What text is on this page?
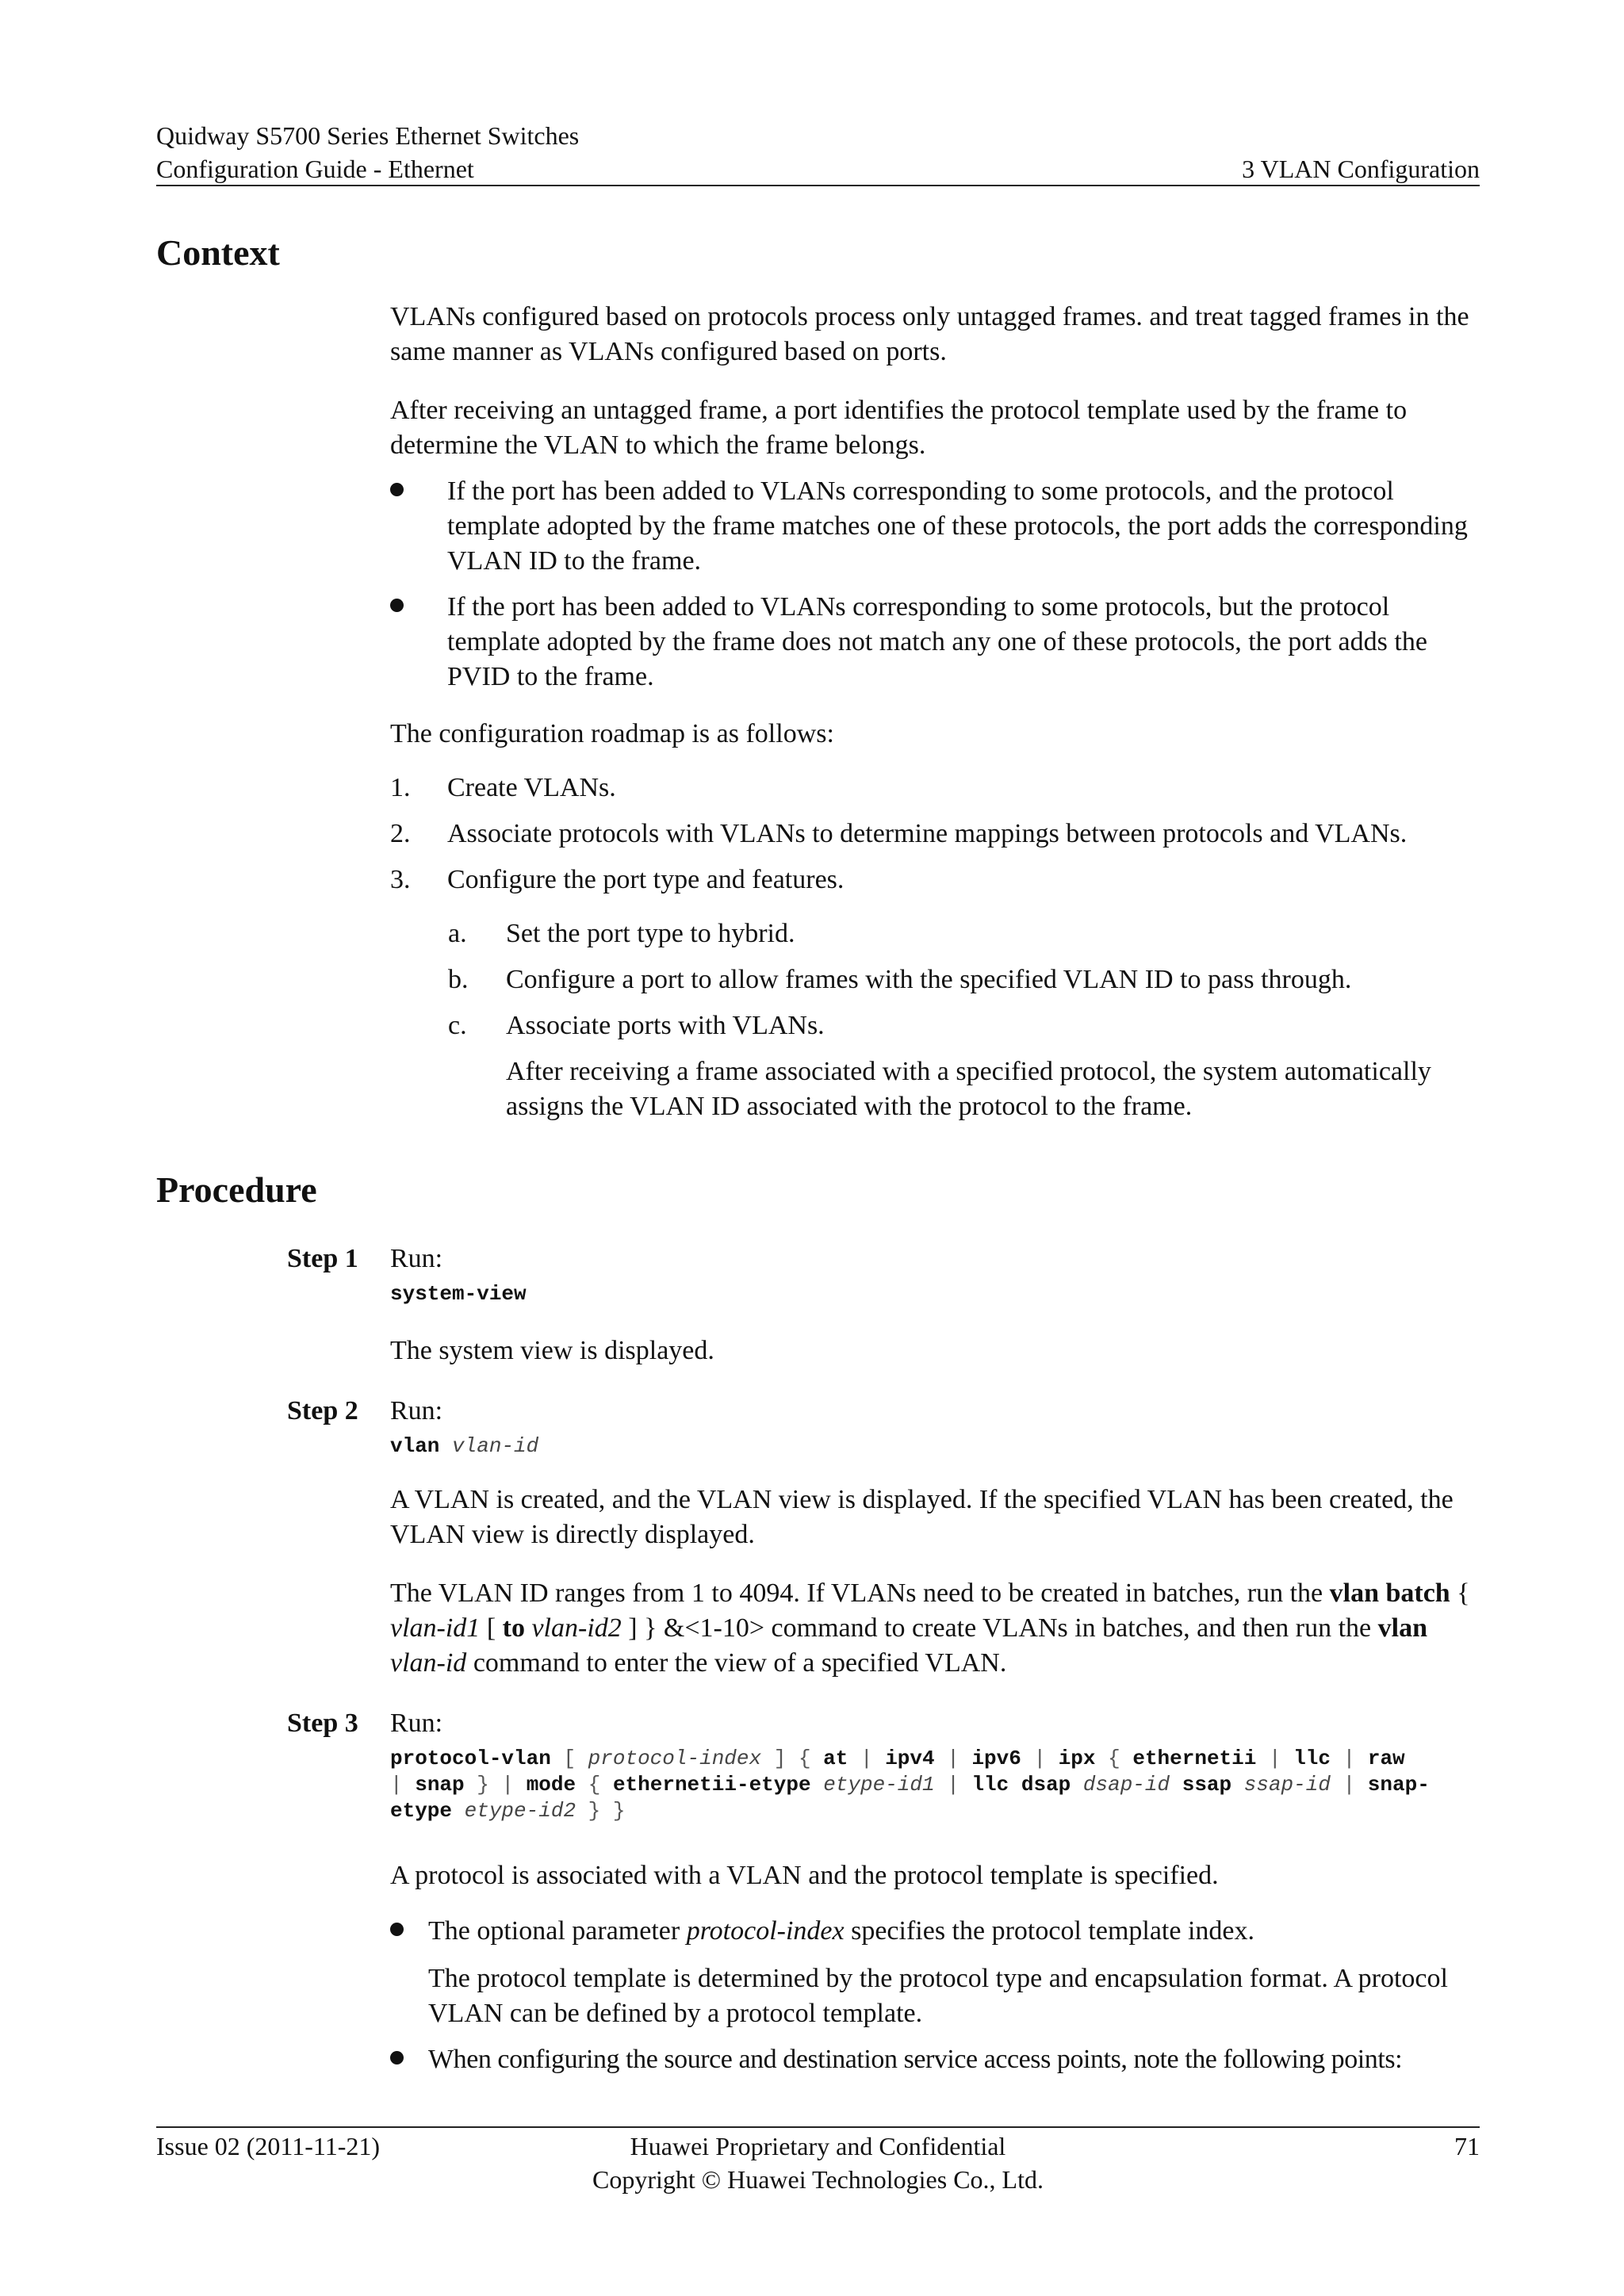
Quidway S5700 Series Ethernet Switches
Configuration Guide - Ethernet	3 VLAN Configuration
Context

VLANs configured based on protocols process only untagged frames. and treat tagged frames in the same manner as VLANs configured based on ports.

After receiving an untagged frame, a port identifies the protocol template used by the frame to determine the VLAN to which the frame belongs.

If the port has been added to VLANs corresponding to some protocols, and the protocol template adopted by the frame matches one of these protocols, the port adds the corresponding VLAN ID to the frame.
If the port has been added to VLANs corresponding to some protocols, but the protocol template adopted by the frame does not match any one of these protocols, the port adds the PVID to the frame.
The configuration roadmap is as follows:
1. Create VLANs.
2. Associate protocols with VLANs to determine mappings between protocols and VLANs.
3. Configure the port type and features.
a. Set the port type to hybrid.
b. Configure a port to allow frames with the specified VLAN ID to pass through.
c. Associate ports with VLANs.
After receiving a frame associated with a specified protocol, the system automatically assigns the VLAN ID associated with the protocol to the frame.
Procedure
Step 1 Run:
system-view
The system view is displayed.
Step 2 Run:
vlan vlan-id
A VLAN is created, and the VLAN view is displayed. If the specified VLAN has been created, the VLAN view is directly displayed.
The VLAN ID ranges from 1 to 4094. If VLANs need to be created in batches, run the vlan batch { vlan-id1 [ to vlan-id2 ] } &<1-10> command to create VLANs in batches, and then run the vlan vlan-id command to enter the view of a specified VLAN.
Step 3 Run:
protocol-vlan [ protocol-index ] { at | ipv4 | ipv6 | ipx { ethernetii | llc | raw
| snap } | mode { ethernetii-etype etype-id1 | llc dsap dsap-id ssap ssap-id | snap-
etype etype-id2 } }
A protocol is associated with a VLAN and the protocol template is specified.
The optional parameter protocol-index specifies the protocol template index.
The protocol template is determined by the protocol type and encapsulation format. A protocol VLAN can be defined by a protocol template.
When configuring the source and destination service access points, note the following points:
Issue 02 (2011-11-21)	Huawei Proprietary and Confidential
Copyright © Huawei Technologies Co., Ltd.
71
